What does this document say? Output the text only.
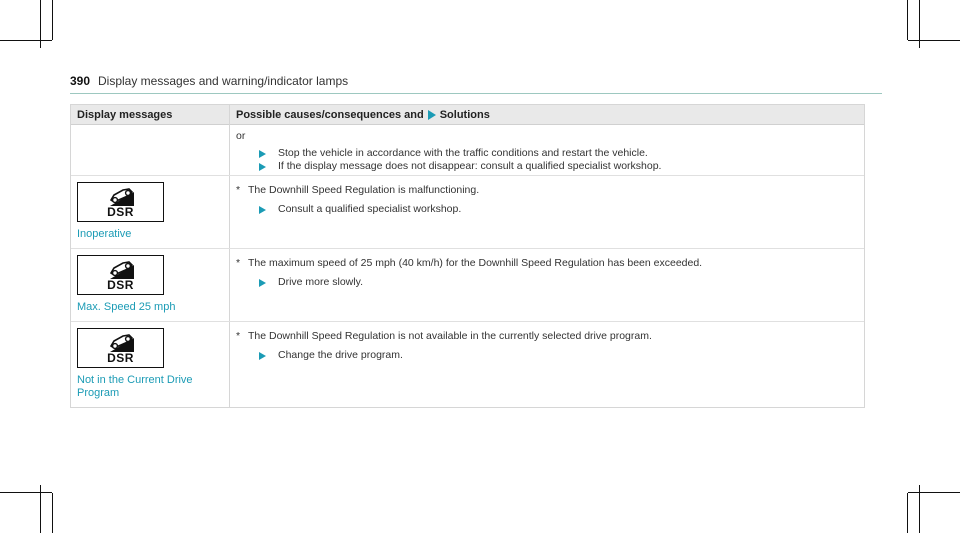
390 Display messages and warning/indicator lamps
Display messages	Possible causes/consequences and Solutions
or
Stop the vehicle in accordance with the traffic conditions and restart the vehicle.
If the display message does not disappear: consult a qualified specialist workshop.
DSR
Inoperative
* The Downhill Speed Regulation is malfunctioning.
Consult a qualified specialist workshop.
DSR
Max. Speed 25 mph
* The maximum speed of 25 mph (40 km/h) for the Downhill Speed Regulation has been exceeded.
Drive more slowly.
DSR
Not in the Current Drive Program
* The Downhill Speed Regulation is not available in the currently selected drive program.
Change the drive program.
